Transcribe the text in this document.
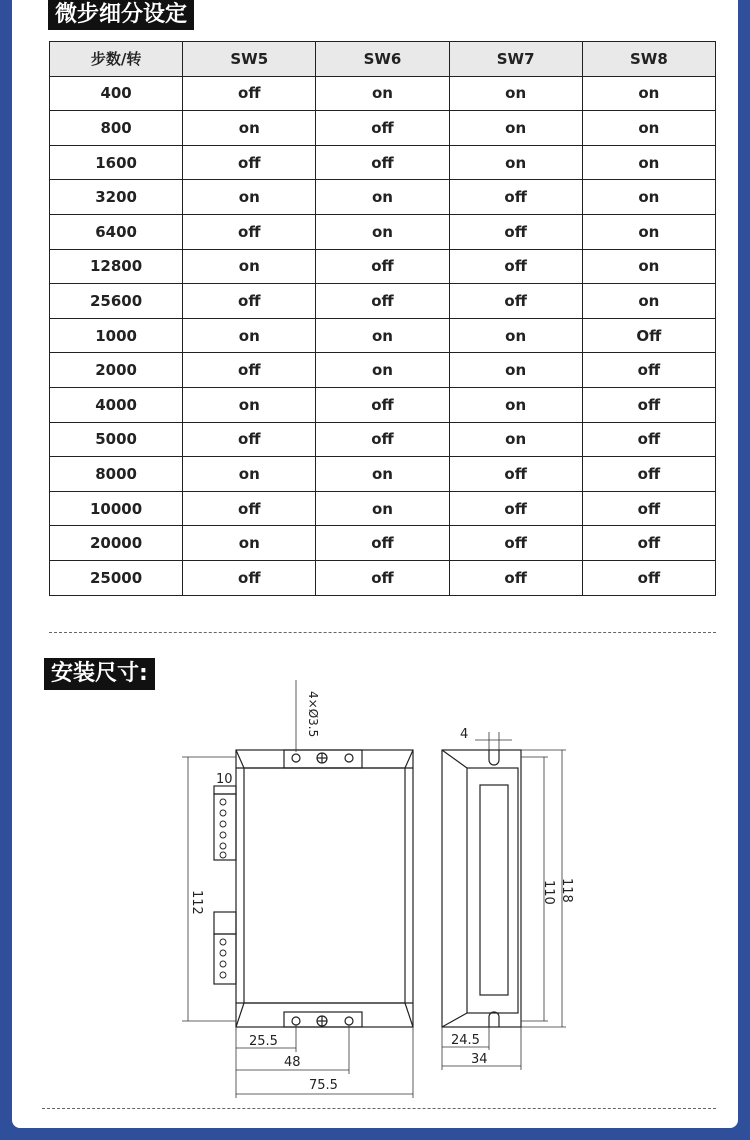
微步细分设定
步数/转	SW5	SW6	SW7	SW8
400	off	on	on	on
800	on	off	on	on
1600	off	off	on	on
3200	on	on	off	on
6400	off	on	off	on
12800	on	off	off	on
25600	off	off	off	on
1000	on	on	on	Off
2000	off	on	on	off
4000	on	off	on	off
5000	off	off	on	off
8000	on	on	off	off
10000	off	on	off	off
20000	on	off	off	off
25000	off	off	off	off
安装尺寸:
4×Ø3.5
10
112
25.5
48
75.5
4
110 118
24.5
34
